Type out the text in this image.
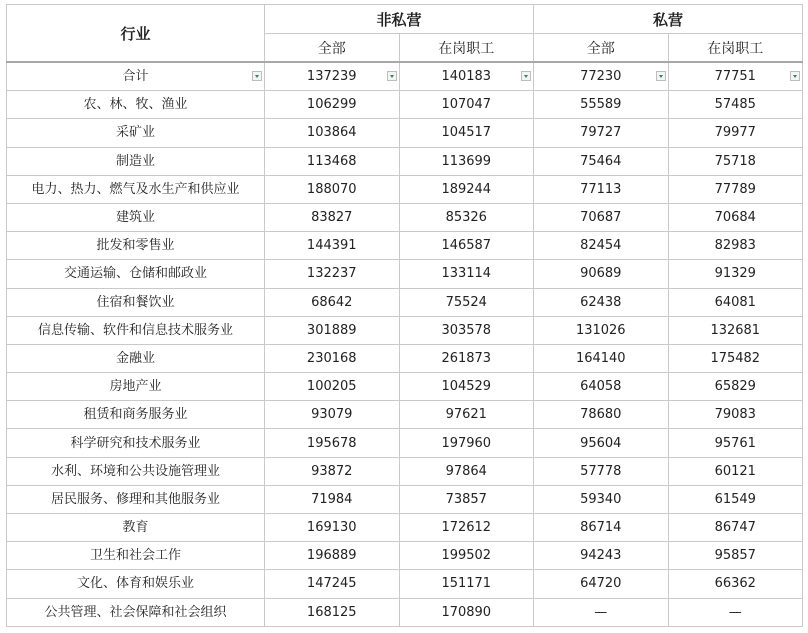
行业	非私营		私营	
	全部	在岗职工	全部	在岗职工
合计	137239	140183	77230	77751

农、林、牧、渔业	106299	107047	55589	57485
采矿业	103864	104517	79727	79977
制造业	113468	113699	75464	75718
电力、热力、燃气及水生产和供应业	188070	189244	77113	77789
建筑业	83827	85326	70687	70684
批发和零售业	144391	146587	82454	82983
交通运输、仓储和邮政业	132237	133114	90689	91329
住宿和餐饮业	68642	75524	62438	64081
信息传输、软件和信息技术服务业	301889	303578	131026	132681
金融业	230168	261873	164140	175482
房地产业	100205	104529	64058	65829
租赁和商务服务业	93079	97621	78680	79083
科学研究和技术服务业	195678	197960	95604	95761
水利、环境和公共设施管理业	93872	97864	57778	60121
居民服务、修理和其他服务业	71984	73857	59340	61549
教育	169130	172612	86714	86747
卫生和社会工作	196889	199502	94243	95857
文化、体育和娱乐业	147245	151171	64720	66362
公共管理、社会保障和社会组织	168125	170890	—	—
